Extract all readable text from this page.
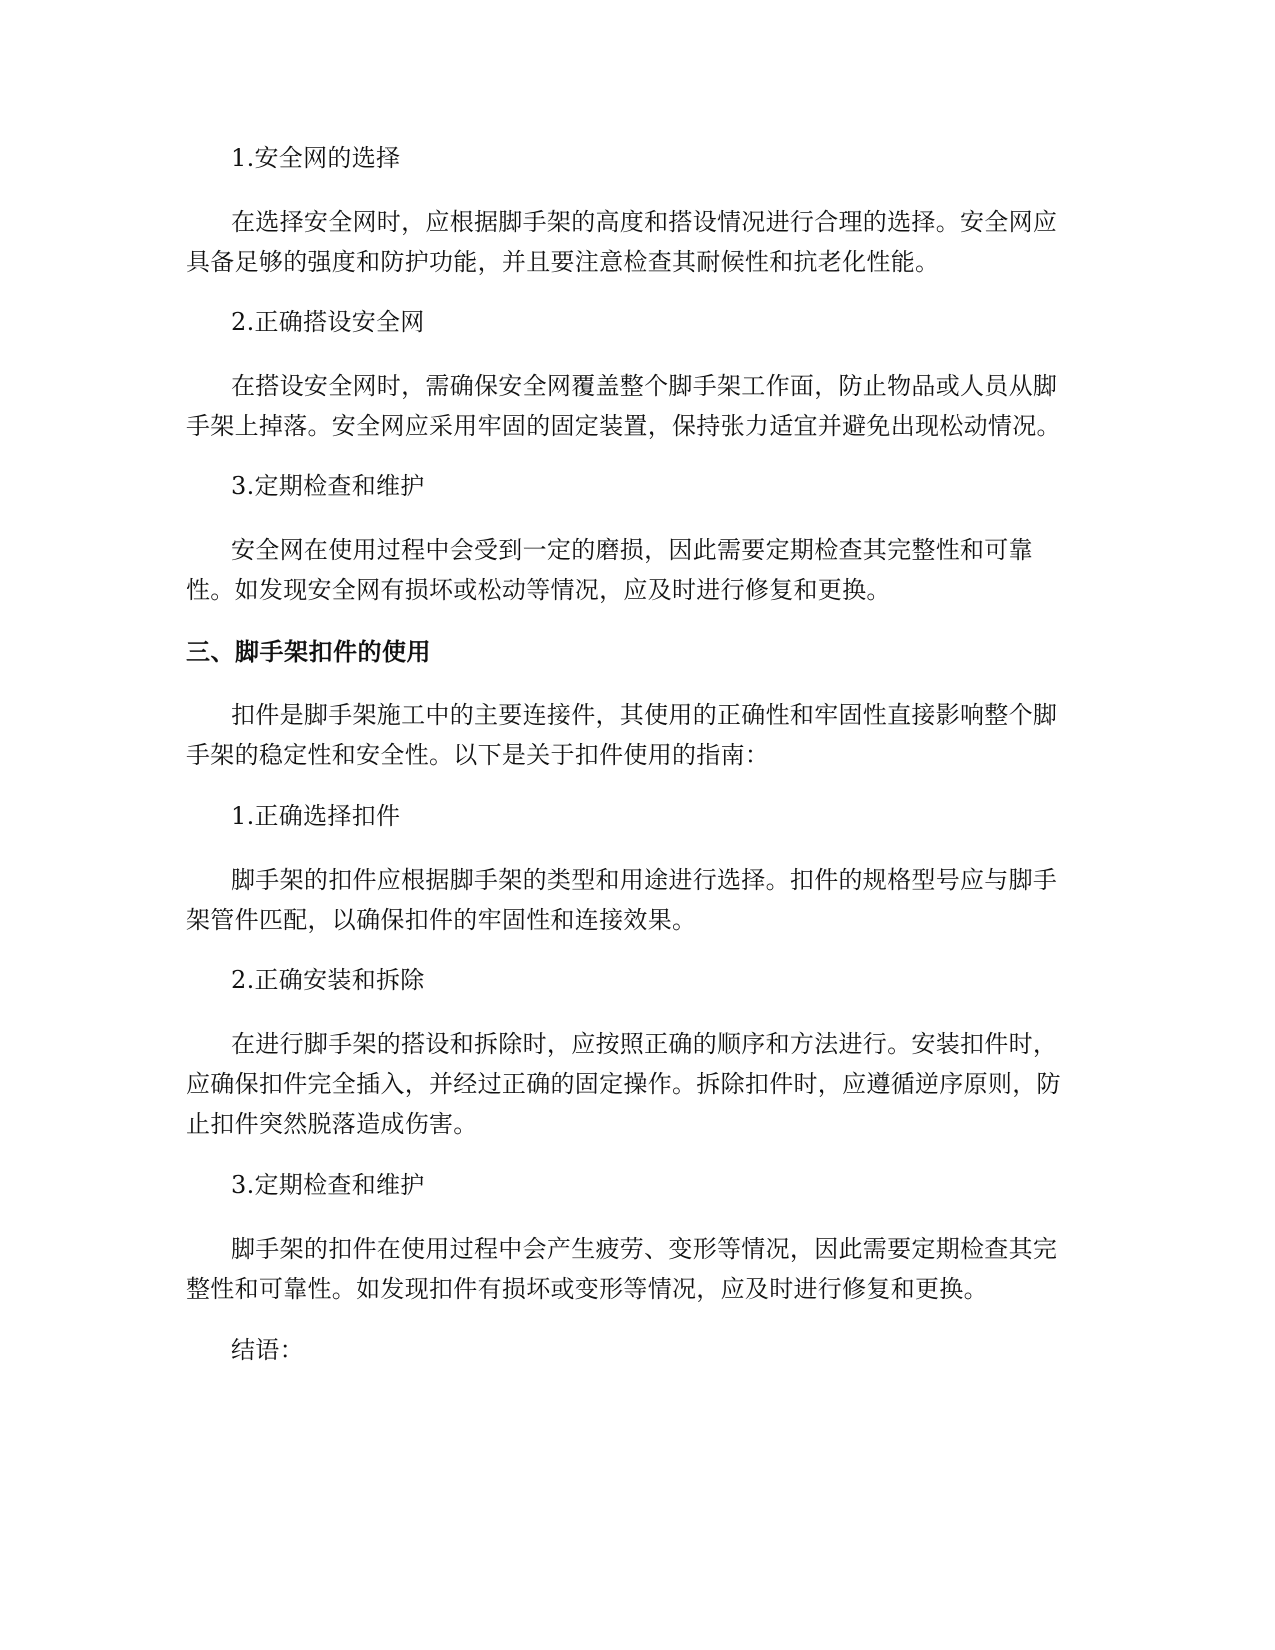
1.安全网的选择

在选择安全网时，应根据脚手架的高度和搭设情况进行合理的选择。安全网应
具备足够的强度和防护功能，并且要注意检查其耐候性和抗老化性能。

2.正确搭设安全网

在搭设安全网时，需确保安全网覆盖整个脚手架工作面，防止物品或人员从脚
手架上掉落。安全网应采用牢固的固定装置，保持张力适宜并避免出现松动情况。

3.定期检查和维护

安全网在使用过程中会受到一定的磨损，因此需要定期检查其完整性和可靠
性。如发现安全网有损坏或松动等情况，应及时进行修复和更换。
三、脚手架扣件的使用
扣件是脚手架施工中的主要连接件，其使用的正确性和牢固性直接影响整个脚
手架的稳定性和安全性。以下是关于扣件使用的指南：

1.正确选择扣件

脚手架的扣件应根据脚手架的类型和用途进行选择。扣件的规格型号应与脚手
架管件匹配，以确保扣件的牢固性和连接效果。

2.正确安装和拆除

在进行脚手架的搭设和拆除时，应按照正确的顺序和方法进行。安装扣件时，
应确保扣件完全插入，并经过正确的固定操作。拆除扣件时，应遵循逆序原则，防
止扣件突然脱落造成伤害。

3.定期检查和维护

脚手架的扣件在使用过程中会产生疲劳、变形等情况，因此需要定期检查其完
整性和可靠性。如发现扣件有损坏或变形等情况，应及时进行修复和更换。

结语：
